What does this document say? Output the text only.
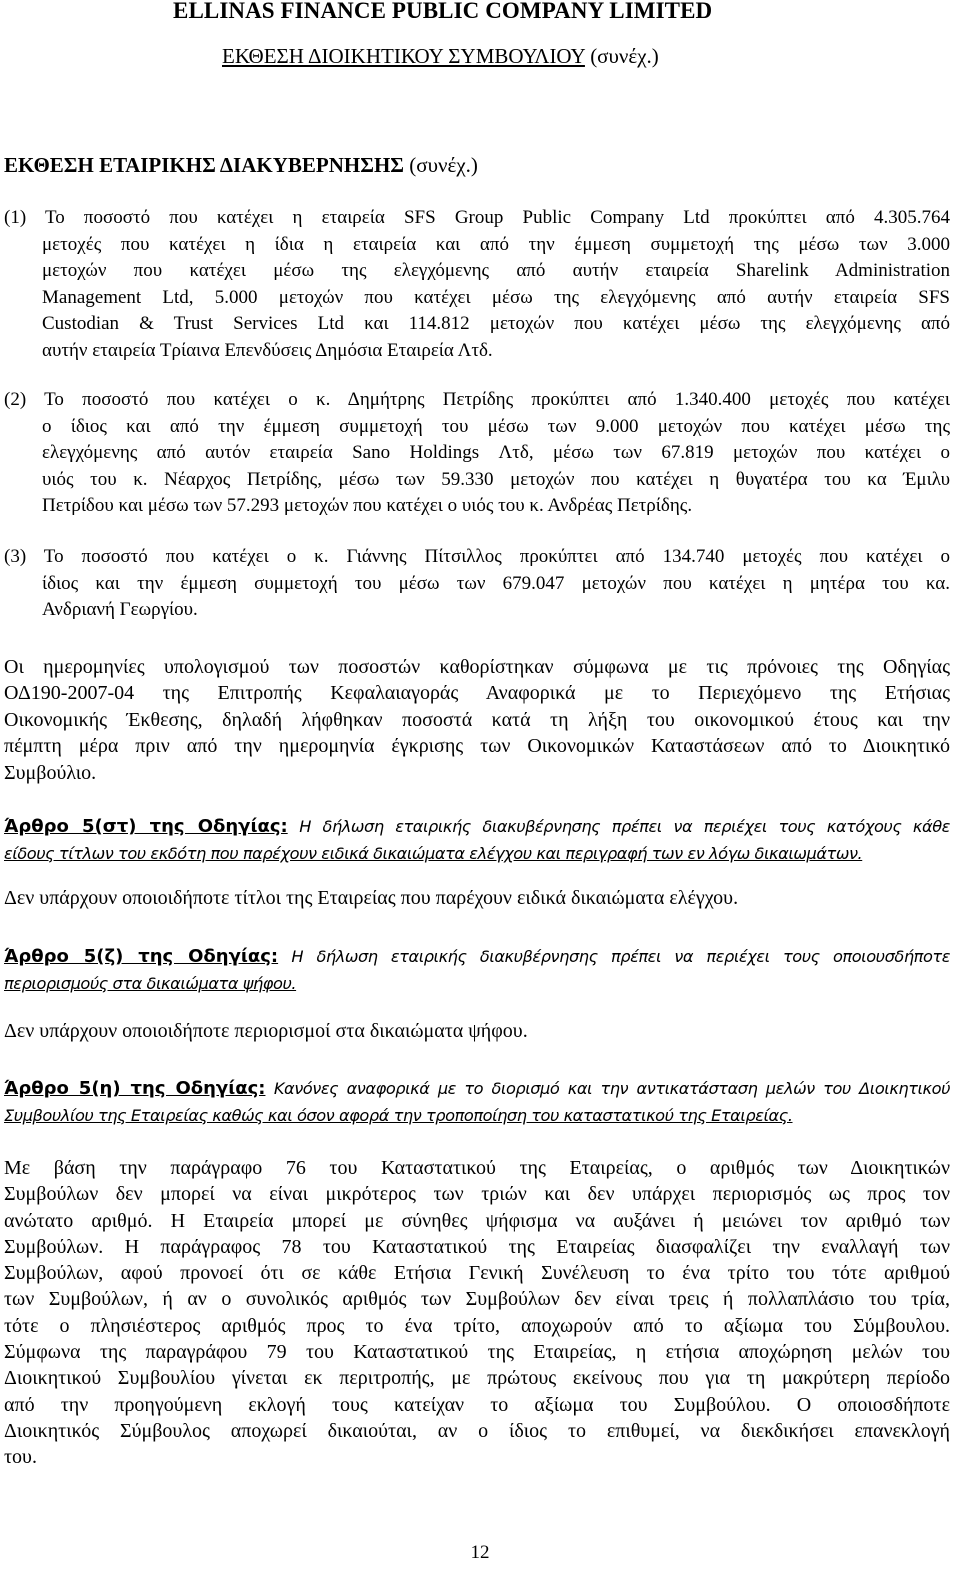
ELLINAS FINANCE PUBLIC COMPANY LIMITED
ΕΚΘΕΣΗ ΔΙΟΙΚΗΤΙΚΟΥ ΣΥΜΒΟΥΛΙΟΥ (συνέχ.)
ΕΚΘΕΣΗ ΕΤΑΙΡΙΚΗΣ ΔΙΑΚΥΒΕΡΝΗΣΗΣ (συνέχ.)
(1) Το ποσοστό που κατέχει η εταιρεία SFS Group Public Company Ltd προκύπτει από 4.305.764
μετοχές που κατέχει η ίδια η εταιρεία και από την έμμεση συμμετοχή της μέσω των 3.000
μετοχών που κατέχει μέσω της ελεγχόμενης από αυτήν εταιρεία Sharelink Administration
Management Ltd, 5.000 μετοχών που κατέχει μέσω της ελεγχόμενης από αυτήν εταιρεία SFS
Custodian & Trust Services Ltd και 114.812 μετοχών που κατέχει μέσω της ελεγχόμενης από
αυτήν εταιρεία Τρίαινα Επενδύσεις Δημόσια Εταιρεία Λτδ.
(2) Το ποσοστό που κατέχει ο κ. Δημήτρης Πετρίδης προκύπτει από 1.340.400 μετοχές που κατέχει
ο ίδιος και από την έμμεση συμμετοχή του μέσω των 9.000 μετοχών που κατέχει μέσω της
ελεγχόμενης από αυτόν εταιρεία Sano Holdings Λτδ, μέσω των 67.819 μετοχών που κατέχει ο
υιός του κ. Νέαρχος Πετρίδης, μέσω των 59.330 μετοχών που κατέχει η θυγατέρα του κα Έμιλυ
Πετρίδου και μέσω των 57.293 μετοχών που κατέχει ο υιός του κ. Ανδρέας Πετρίδης.
(3) Το ποσοστό που κατέχει ο κ. Γιάννης Πίτσιλλος προκύπτει από 134.740 μετοχές που κατέχει ο
ίδιος και την έμμεση συμμετοχή του μέσω των 679.047 μετοχών που κατέχει η μητέρα του κα.
Ανδριανή Γεωργίου.
Οι ημερομηνίες υπολογισμού των ποσοστών καθορίστηκαν σύμφωνα με τις πρόνοιες της Οδηγίας
ΟΔ190-2007-04 της Επιτροπής Κεφαλαιαγοράς Αναφορικά με το Περιεχόμενο της Ετήσιας
Οικονομικής Έκθεσης, δηλαδή λήφθηκαν ποσοστά κατά τη λήξη του οικονομικού έτους και την
πέμπτη μέρα πριν από την ημερομηνία έγκρισης των Οικονομικών Καταστάσεων από το Διοικητικό
Συμβούλιο.
Άρθρο 5(στ) της Οδηγίας: Η δήλωση εταιρικής διακυβέρνησης πρέπει να περιέχει τους κατόχους κάθε
είδους τίτλων του εκδότη που παρέχουν ειδικά δικαιώματα ελέγχου και περιγραφή των εν λόγω δικαιωμάτων.
Δεν υπάρχουν οποιοιδήποτε τίτλοι της Εταιρείας που παρέχουν ειδικά δικαιώματα ελέγχου.
Άρθρο 5(ζ) της Οδηγίας: Η δήλωση εταιρικής διακυβέρνησης πρέπει να περιέχει τους οποιουσδήποτε
περιορισμούς στα δικαιώματα ψήφου.
Δεν υπάρχουν οποιοιδήποτε περιορισμοί στα δικαιώματα ψήφου.
Άρθρο 5(η) της Οδηγίας: Κανόνες αναφορικά με το διορισμό και την αντικατάσταση μελών του Διοικητικού
Συμβουλίου της Εταιρείας καθώς και όσον αφορά την τροποποίηση του καταστατικού της Εταιρείας.
Με βάση την παράγραφο 76 του Καταστατικού της Εταιρείας, ο αριθμός των Διοικητικών
Συμβούλων δεν μπορεί να είναι μικρότερος των τριών και δεν υπάρχει περιορισμός ως προς τον
ανώτατο αριθμό. Η Εταιρεία μπορεί με σύνηθες ψήφισμα να αυξάνει ή μειώνει τον αριθμό των
Συμβούλων. Η παράγραφος 78 του Καταστατικού της Εταιρείας διασφαλίζει την εναλλαγή των
Συμβούλων, αφού προνοεί ότι σε κάθε Ετήσια Γενική Συνέλευση το ένα τρίτο του τότε αριθμού
των Συμβούλων, ή αν ο συνολικός αριθμός των Συμβούλων δεν είναι τρεις ή πολλαπλάσιο του τρία,
τότε ο πλησιέστερος αριθμός προς το ένα τρίτο, αποχωρούν από το αξίωμα του Σύμβουλου.
Σύμφωνα της παραγράφου 79 του Καταστατικού της Εταιρείας, η ετήσια αποχώρηση μελών του
Διοικητικού Συμβουλίου γίνεται εκ περιτροπής, με πρώτους εκείνους που για τη μακρύτερη περίοδο
από την προηγούμενη εκλογή τους κατείχαν το αξίωμα του Συμβούλου. Ο οποιοσδήποτε
Διοικητικός Σύμβουλος αποχωρεί δικαιούται, αν ο ίδιος το επιθυμεί, να διεκδικήσει επανεκλογή
του.
12
